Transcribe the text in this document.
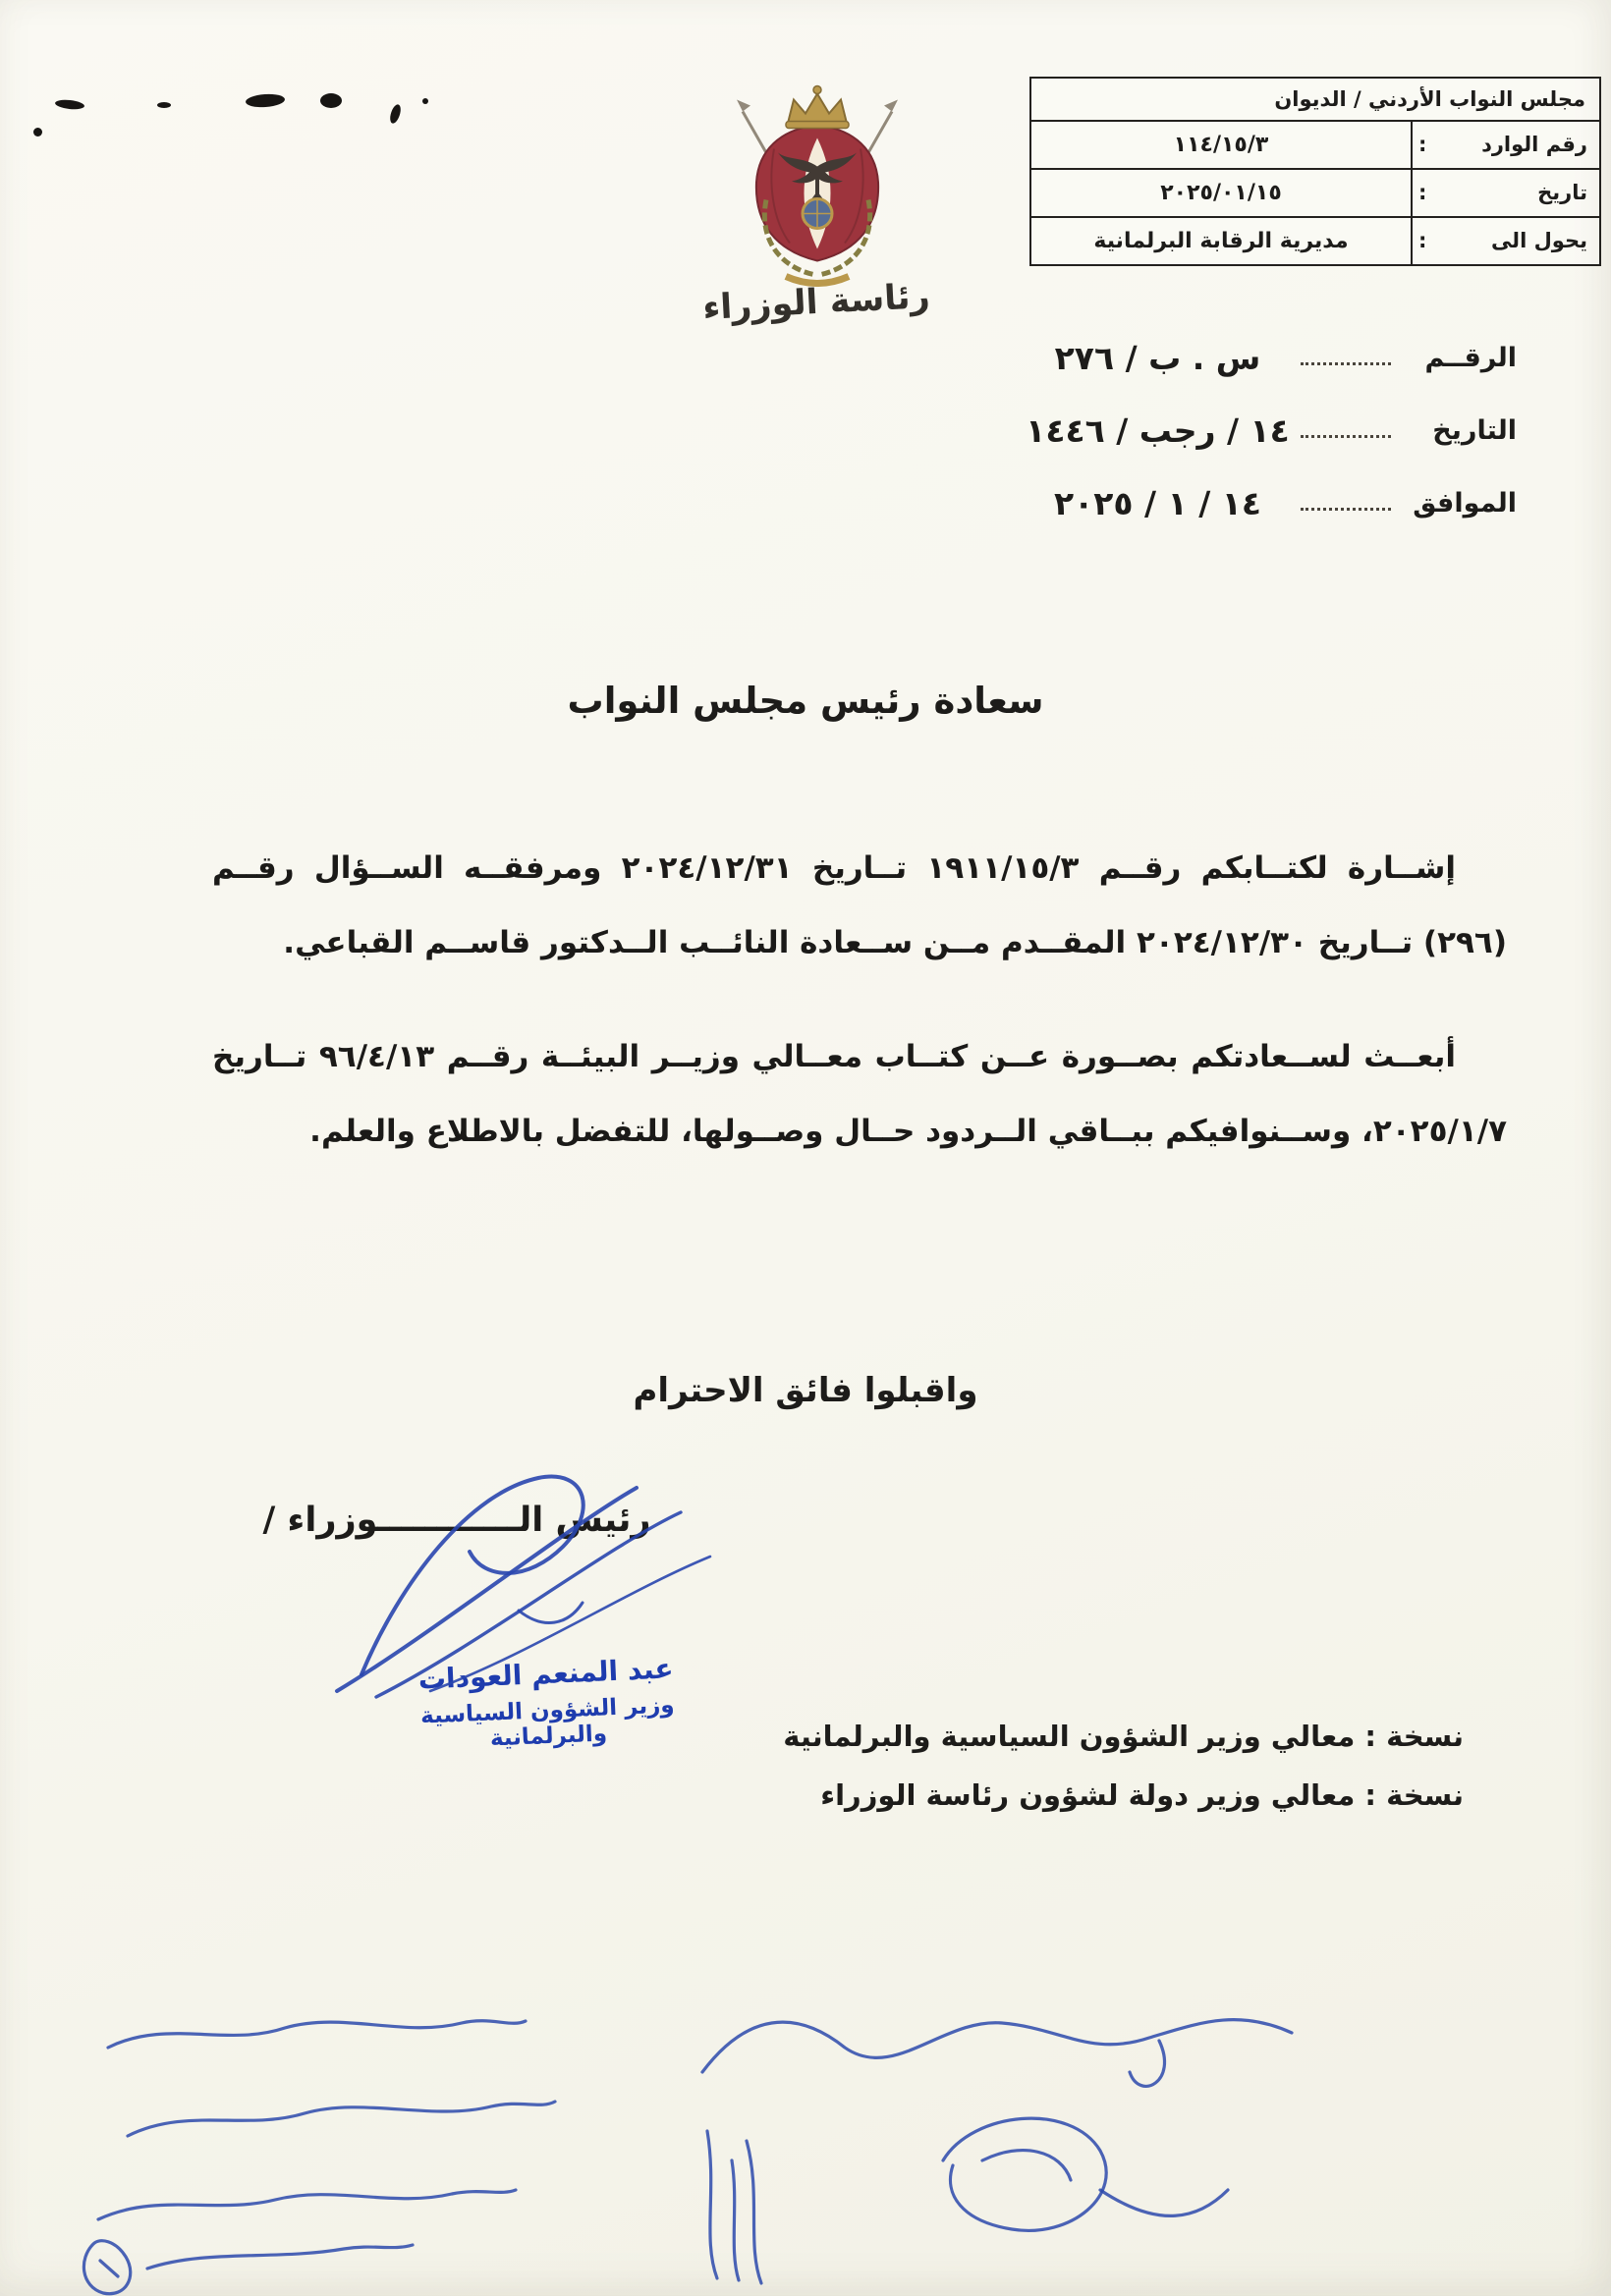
رئاسة الوزراء
مجلس النواب الأردني / الديوان
رقم الوارد
:
١١٤/١٥/٣
تاريخ
:
٢٠٢٥/٠١/١٥
يحول الى
:
مديرية الرقابة البرلمانية
الرقــم
س . ب / ٢٧٦
التاريخ
١٤ / رجب / ١٤٤٦
الموافق
١٤ / ١ / ٢٠٢٥
سعادة رئيس مجلس النواب

إشــارة لكتــابكم رقــم ١٩١١/١٥/٣ تــاريخ ٢٠٢٤/١٢/٣١ ومرفقــه الســؤال رقــم (٢٩٦) تــاريخ ٢٠٢٤/١٢/٣٠ المقــدم مــن ســعادة النائــب الــدكتور قاســم القباعي.

أبعــث لســعادتكم بصــورة عــن كتــاب معــالي وزيــر البيئــة رقــم ٩٦/٤/١٣ تــاريخ ٢٠٢٥/١/٧، وســنوافيكم ببــاقي الــردود حــال وصــولها، للتفضل بالاطلاع والعلم.

واقبلوا فائق الاحترام
رئيس الــــــــــــوزراء /
عبد المنعم العودات
وزير الشؤون السياسية والبرلمانية	نسخة : معالي وزير الشؤون السياسية والبرلمانية
نسخة : معالي وزير دولة لشؤون رئاسة الوزراء
